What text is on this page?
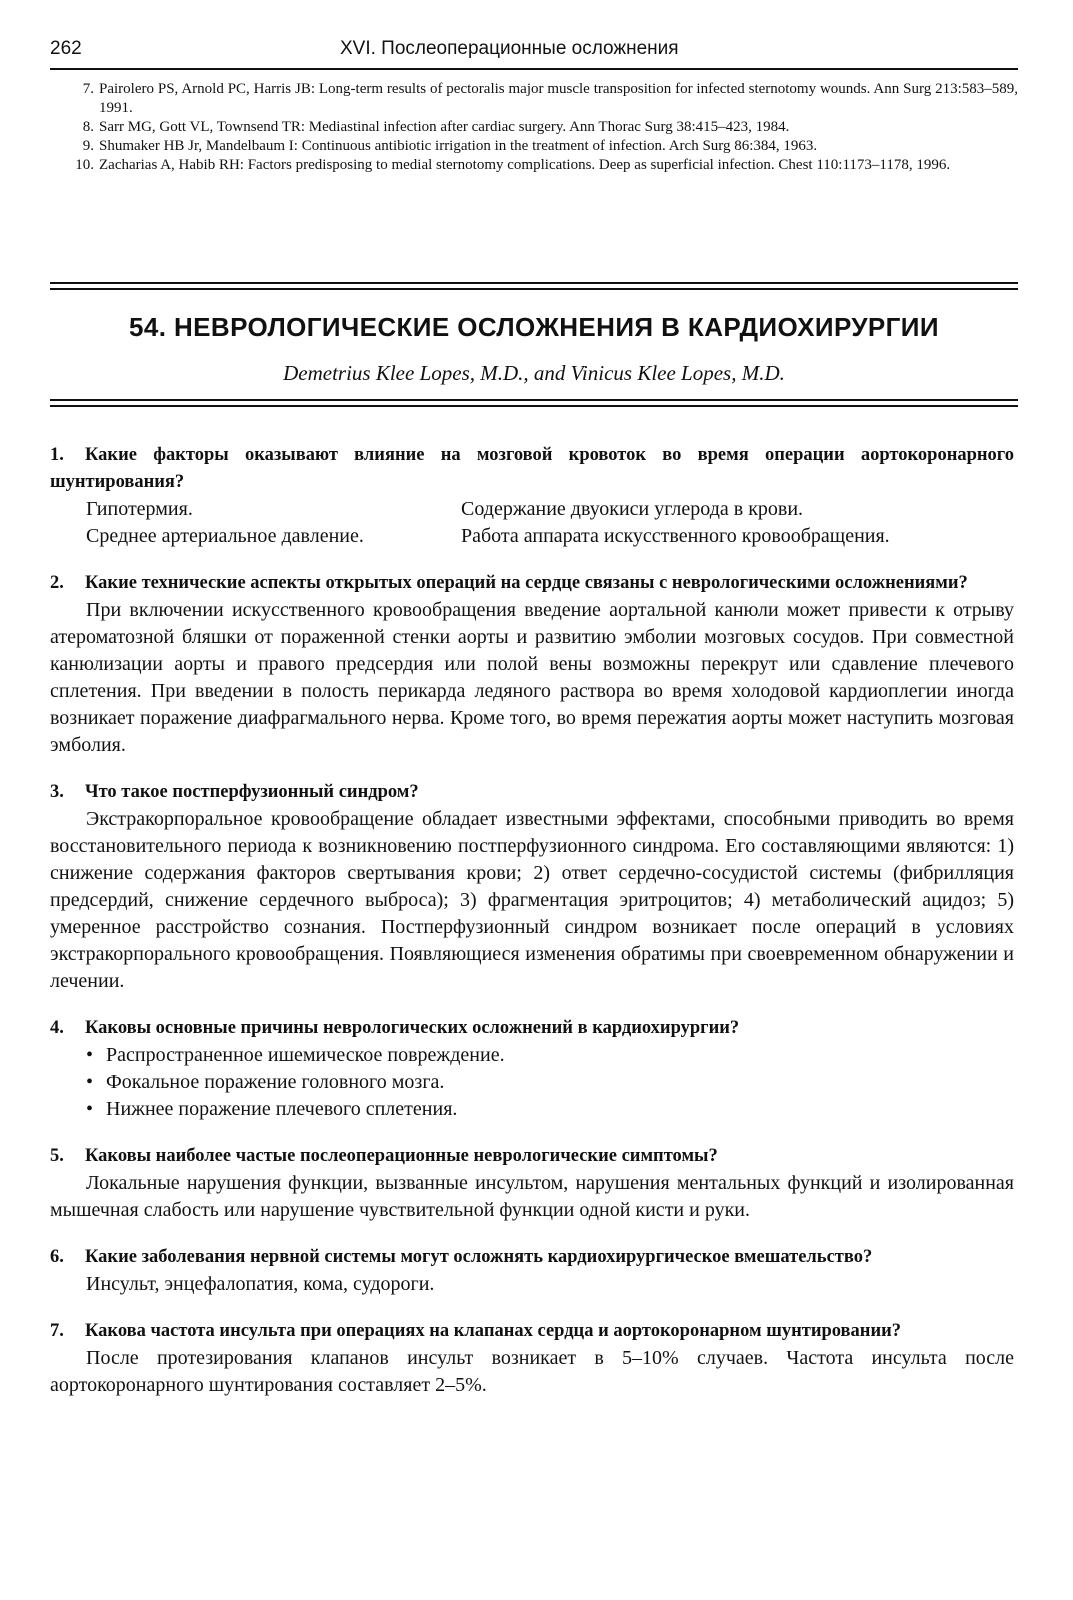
262	XVI. Послеоперационные осложнения
7. Pairolero PS, Arnold PC, Harris JB: Long-term results of pectoralis major muscle transposition for infected sternotomy wounds. Ann Surg 213:583–589, 1991.
8. Sarr MG, Gott VL, Townsend TR: Mediastinal infection after cardiac surgery. Ann Thorac Surg 38:415–423, 1984.
9. Shumaker HB Jr, Mandelbaum I: Continuous antibiotic irrigation in the treatment of infection. Arch Surg 86:384, 1963.
10. Zacharias A, Habib RH: Factors predisposing to medial sternotomy complications. Deep as superficial infection. Chest 110:1173–1178, 1996.
54. НЕВРОЛОГИЧЕСКИЕ ОСЛОЖНЕНИЯ В КАРДИОХИРУРГИИ
Demetrius Klee Lopes, M.D., and Vinicus Klee Lopes, M.D.
1. Какие факторы оказывают влияние на мозговой кровоток во время операции аортокоронарного шунтирования?
Гипотермия.	Содержание двуокиси углерода в крови.
Среднее артериальное давление.	Работа аппарата искусственного кровообращения.
2. Какие технические аспекты открытых операций на сердце связаны с неврологическими осложнениями?
При включении искусственного кровообращения введение аортальной канюли может привести к отрыву атероматозной бляшки от пораженной стенки аорты и развитию эмболии мозговых сосудов. При совместной канюлизации аорты и правого предсердия или полой вены возможны перекрут или сдавление плечевого сплетения. При введении в полость перикарда ледяного раствора во время холодовой кардиоплегии иногда возникает поражение диафрагмального нерва. Кроме того, во время пережатия аорты может наступить мозговая эмболия.
3. Что такое постперфузионный синдром?
Экстракорпоральное кровообращение обладает известными эффектами, способными приводить во время восстановительного периода к возникновению постперфузионного синдрома. Его составляющими являются: 1) снижение содержания факторов свертывания крови; 2) ответ сердечно-сосудистой системы (фибрилляция предсердий, снижение сердечного выброса); 3) фрагментация эритроцитов; 4) метаболический ацидоз; 5) умеренное расстройство сознания. Постперфузионный синдром возникает после операций в условиях экстракорпорального кровообращения. Появляющиеся изменения обратимы при своевременном обнаружении и лечении.
4. Каковы основные причины неврологических осложнений в кардиохирургии?
• Распространенное ишемическое повреждение.
• Фокальное поражение головного мозга.
• Нижнее поражение плечевого сплетения.
5. Каковы наиболее частые послеоперационные неврологические симптомы?
Локальные нарушения функции, вызванные инсультом, нарушения ментальных функций и изолированная мышечная слабость или нарушение чувствительной функции одной кисти и руки.
6. Какие заболевания нервной системы могут осложнять кардиохирургическое вмешательство?
Инсульт, энцефалопатия, кома, судороги.
7. Какова частота инсульта при операциях на клапанах сердца и аортокоронарном шунтировании?
После протезирования клапанов инсульт возникает в 5–10% случаев. Частота инсульта после аортокоронарного шунтирования составляет 2–5%.
